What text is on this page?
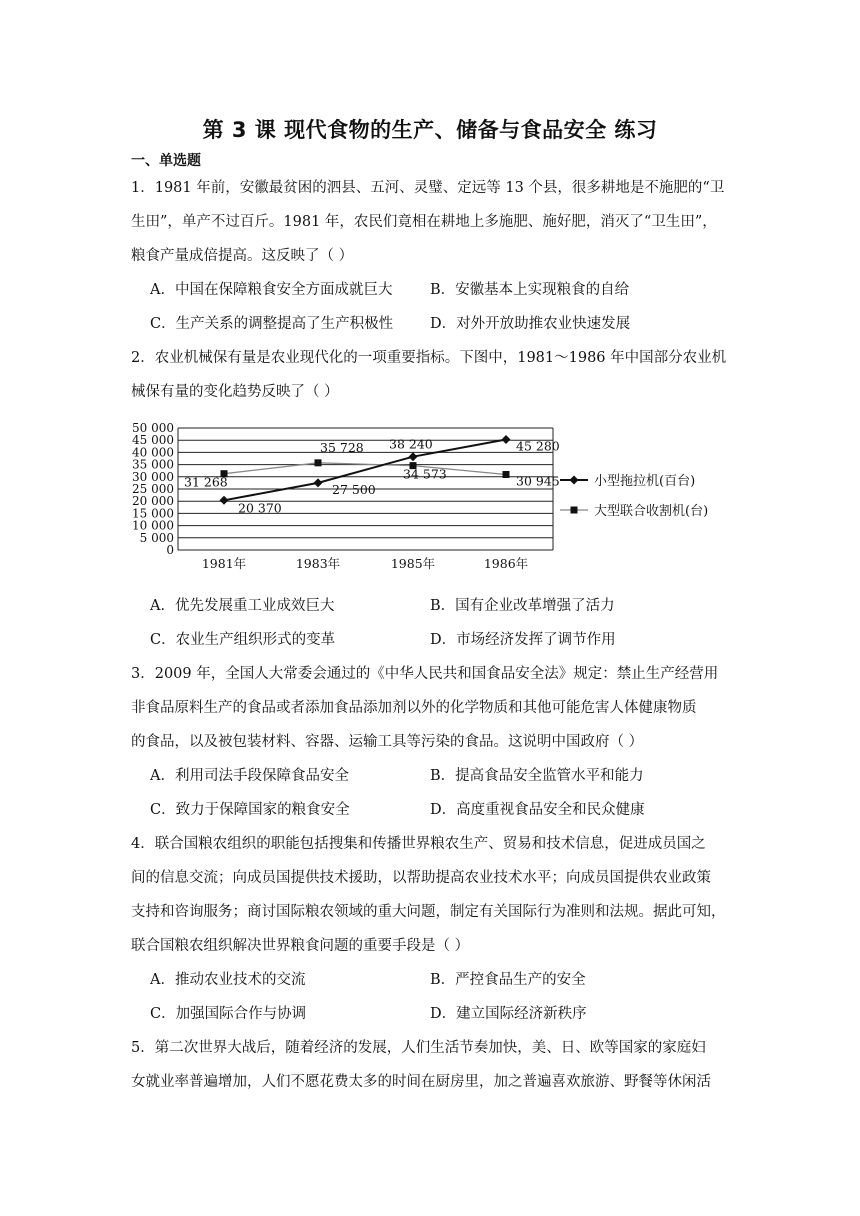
第 3 课 现代食物的生产、储备与食品安全 练习
一、单选题
1．1981 年前，安徽最贫困的泗县、五河、灵璧、定远等 13 个县，很多耕地是不施肥的“卫
生田”，单产不过百斤。1981 年，农民们竟相在耕地上多施肥、施好肥，消灭了“卫生田”，
粮食产量成倍提高。这反映了（ ）
A．中国在保障粮食安全方面成就巨大	B．安徽基本上实现粮食的自给
C．生产关系的调整提高了生产积极性	D．对外开放助推农业快速发展
2．农业机械保有量是农业现代化的一项重要指标。下图中，1981～1986 年中国部分农业机
械保有量的变化趋势反映了（ ）
50 000
45 000
40 000
35 000
30 000
25 000
20 000
15 000
10 000
5 000
0
1981年	1983年	1985年	1986年
20 370
27 500
38 240	45 280
31 268
35 728
34 573	30 945	小型拖拉机(百台)
大型联合收割机(台)
A．优先发展重工业成效巨大	B．国有企业改革增强了活力
C．农业生产组织形式的变革	D．市场经济发挥了调节作用
3．2009 年，全国人大常委会通过的《中华人民共和国食品安全法》规定：禁止生产经营用
非食品原料生产的食品或者添加食品添加剂以外的化学物质和其他可能危害人体健康物质
的食品，以及被包装材料、容器、运输工具等污染的食品。这说明中国政府（ ）
A．利用司法手段保障食品安全	B．提高食品安全监管水平和能力
C．致力于保障国家的粮食安全	D．高度重视食品安全和民众健康
4．联合国粮农组织的职能包括搜集和传播世界粮农生产、贸易和技术信息，促进成员国之
间的信息交流；向成员国提供技术援助，以帮助提高农业技术水平；向成员国提供农业政策
支持和咨询服务；商讨国际粮农领域的重大问题，制定有关国际行为准则和法规。据此可知，
联合国粮农组织解决世界粮食问题的重要手段是（ ）
A．推动农业技术的交流	B．严控食品生产的安全
C．加强国际合作与协调	D．建立国际经济新秩序
5．第二次世界大战后，随着经济的发展，人们生活节奏加快，美、日、欧等国家的家庭妇
女就业率普遍增加，人们不愿花费太多的时间在厨房里，加之普遍喜欢旅游、野餐等休闲活
